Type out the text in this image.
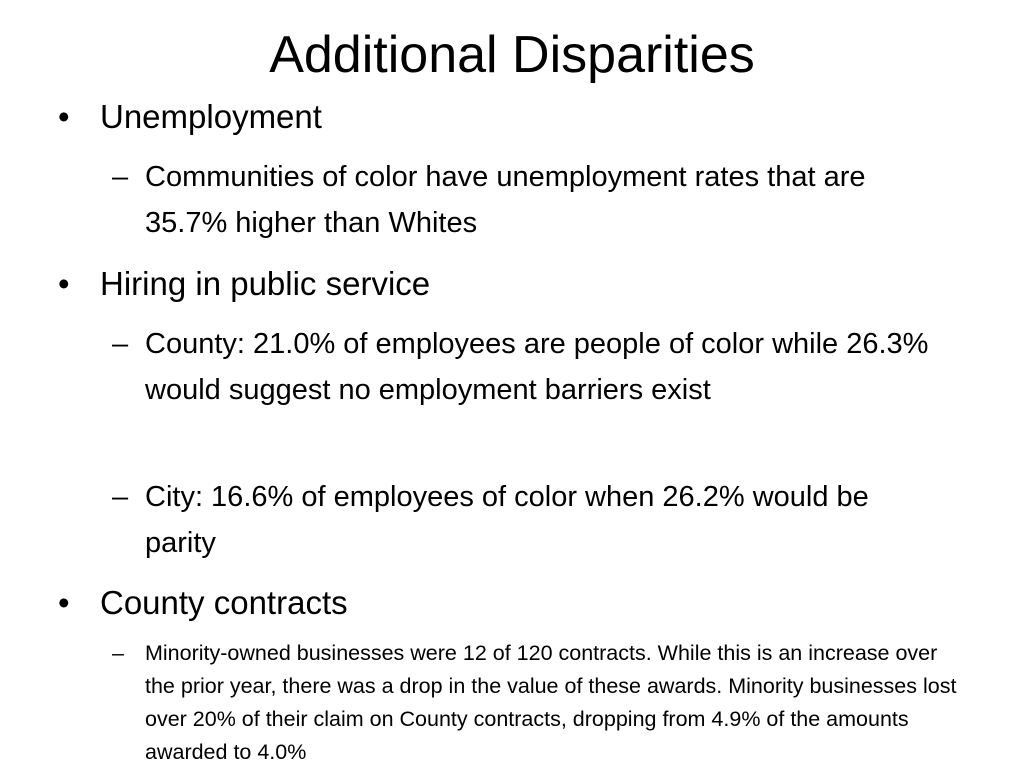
Additional Disparities
• Unemployment
– Communities of color have unemployment rates that are 35.7% higher than Whites
• Hiring in public service
– County: 21.0% of employees are people of color while 26.3% would suggest no employment barriers exist
– City: 16.6% of employees of color when 26.2% would be parity
• County contracts
– Minority-owned businesses were 12 of 120 contracts. While this is an increase over the prior year, there was a drop in the value of these awards. Minority businesses lost over 20% of their claim on County contracts, dropping from 4.9% of the amounts awarded to 4.0%
